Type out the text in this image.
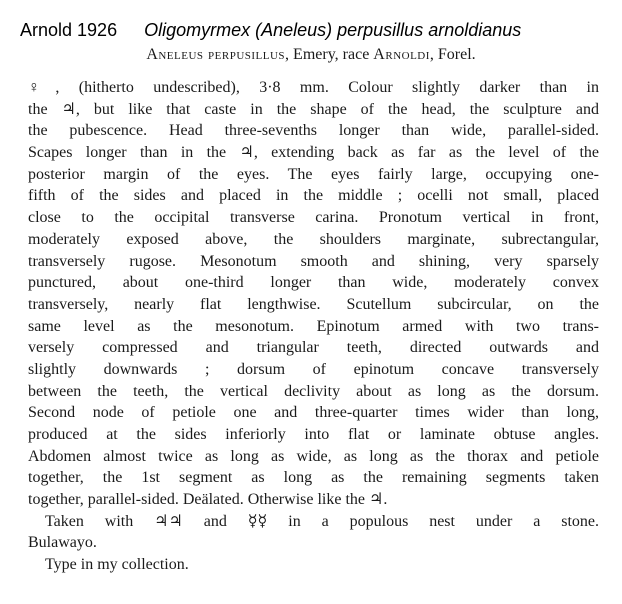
Arnold 1926 Oligomyrmex (Aneleus) perpusillus arnoldianus
Aneleus perpusillus, Emery, race Arnoldi, Forel.
♀, (hitherto undescribed), 3·8 mm. Colour slightly darker than in
the ♃, but like that caste in the shape of the head, the sculpture and
the pubescence. Head three-sevenths longer than wide, parallel-sided.
Scapes longer than in the ♃, extending back as far as the level of the
posterior margin of the eyes. The eyes fairly large, occupying one-
fifth of the sides and placed in the middle ; ocelli not small, placed
close to the occipital transverse carina. Pronotum vertical in front,
moderately exposed above, the shoulders marginate, subrectangular,
transversely rugose. Mesonotum smooth and shining, very sparsely
punctured, about one-third longer than wide, moderately convex
transversely, nearly flat lengthwise. Scutellum subcircular, on the
same level as the mesonotum. Epinotum armed with two trans-
versely compressed and triangular teeth, directed outwards and
slightly downwards ; dorsum of epinotum concave transversely
between the teeth, the vertical declivity about as long as the dorsum.
Second node of petiole one and three-quarter times wider than long,
produced at the sides inferiorly into flat or laminate obtuse angles.
Abdomen almost twice as long as wide, as long as the thorax and petiole
together, the 1st segment as long as the remaining segments taken
together, parallel-sided. Deälated. Otherwise like the ♃.
Taken with ♃♃ and ☿☿ in a populous nest under a stone.
Bulawayo.
Type in my collection.
